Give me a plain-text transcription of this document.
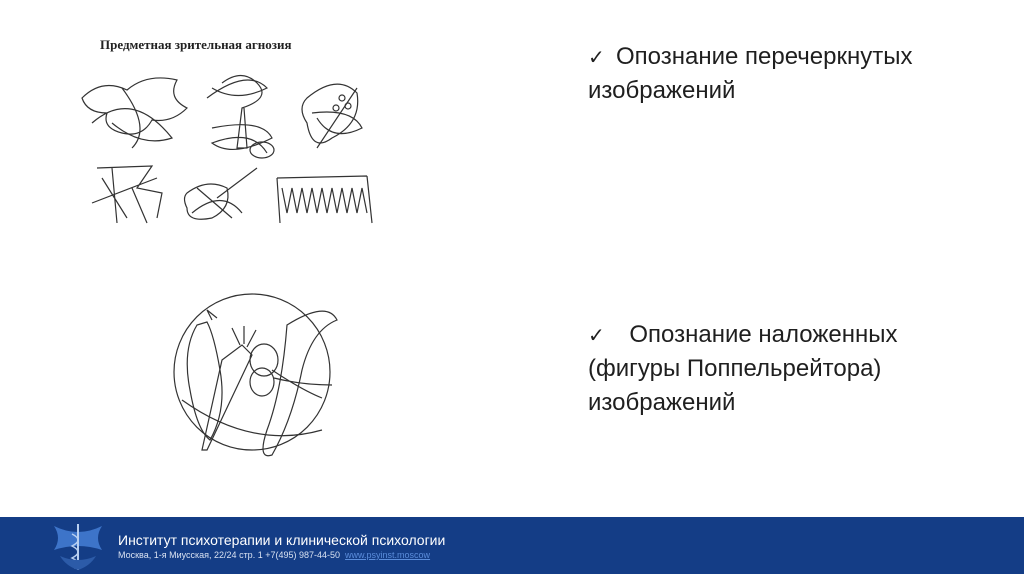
Предметная зрительная агнозия
✓ Опознание перечеркнутых
изображений
✓ Опознание наложенных
(фигуры Поппельрейтора)
изображений
Институт психотерапии и клинической психологии
Москва, 1-я Миусская, 22/24 стр. 1 +7(495) 987-44-50 www.psyinst.moscow
